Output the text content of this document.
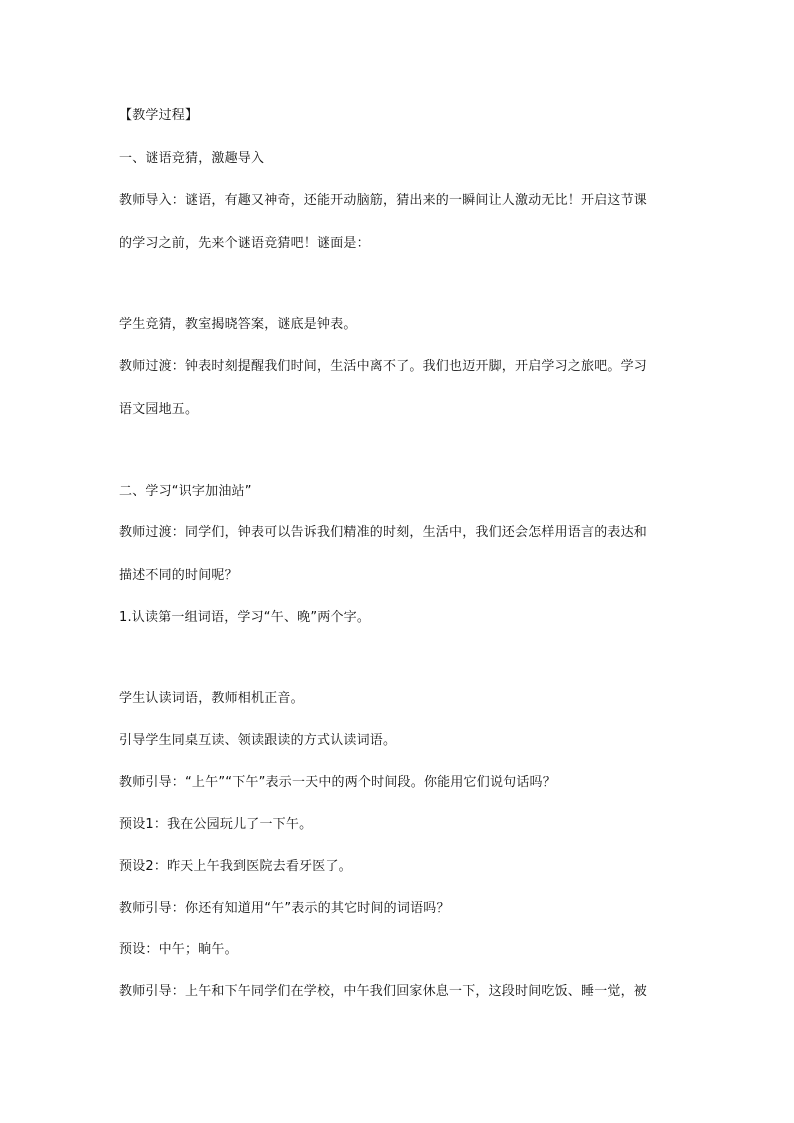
【教学过程】
一、谜语竞猜，激趣导入
教师导入：谜语，有趣又神奇，还能开动脑筋，猜出来的一瞬间让人激动无比！开启这节课
的学习之前，先来个谜语竞猜吧！谜面是：
学生竞猜，教室揭晓答案，谜底是钟表。
教师过渡：钟表时刻提醒我们时间，生活中离不了。我们也迈开脚，开启学习之旅吧。学习
语文园地五。
二、学习“识字加油站”
教师过渡：同学们，钟表可以告诉我们精准的时刻，生活中，我们还会怎样用语言的表达和
描述不同的时间呢？
1.认读第一组词语，学习“午、晚”两个字。
学生认读词语，教师相机正音。
引导学生同桌互读、领读跟读的方式认读词语。
教师引导：“上午”“下午”表示一天中的两个时间段。你能用它们说句话吗？
预设1：我在公园玩儿了一下午。
预设2：昨天上午我到医院去看牙医了。
教师引导：你还有知道用“午”表示的其它时间的词语吗？
预设：中午；晌午。
教师引导：上午和下午同学们在学校，中午我们回家休息一下，这段时间吃饭、睡一觉，被
